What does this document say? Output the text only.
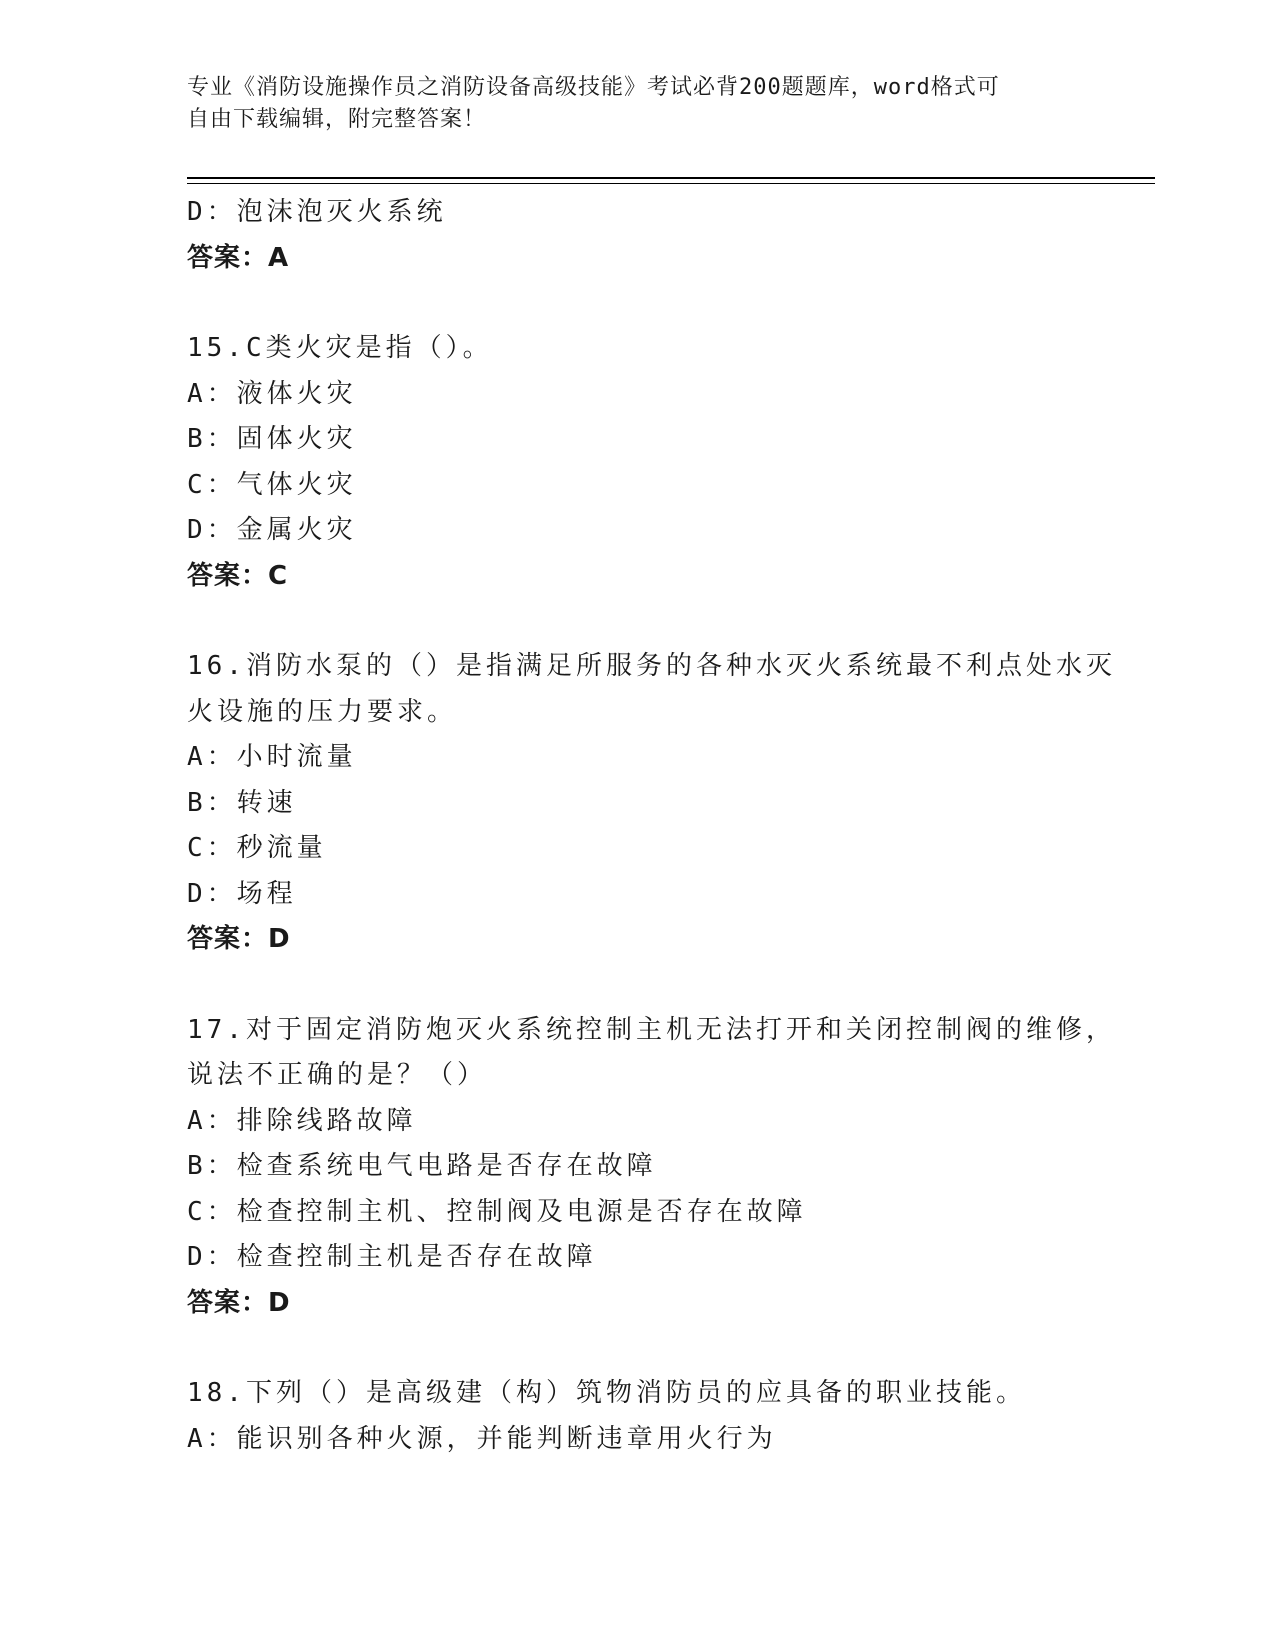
专业《消防设施操作员之消防设备高级技能》考试必背200题题库，word格式可
自由下载编辑，附完整答案！
D：泡沫泡灭火系统
答案：A
15.C类火灾是指（）。
A：液体火灾
B：固体火灾
C：气体火灾
D：金属火灾
答案：C
16.消防水泵的（）是指满足所服务的各种水灭火系统最不利点处水灭
火设施的压力要求。
A：小时流量
B：转速
C：秒流量
D：场程
答案：D
17.对于固定消防炮灭火系统控制主机无法打开和关闭控制阀的维修，
说法不正确的是？（）
A：排除线路故障
B：检查系统电气电路是否存在故障
C：检查控制主机、控制阀及电源是否存在故障
D：检查控制主机是否存在故障
答案：D
18.下列（）是高级建（构）筑物消防员的应具备的职业技能。
A：能识别各种火源，并能判断违章用火行为
